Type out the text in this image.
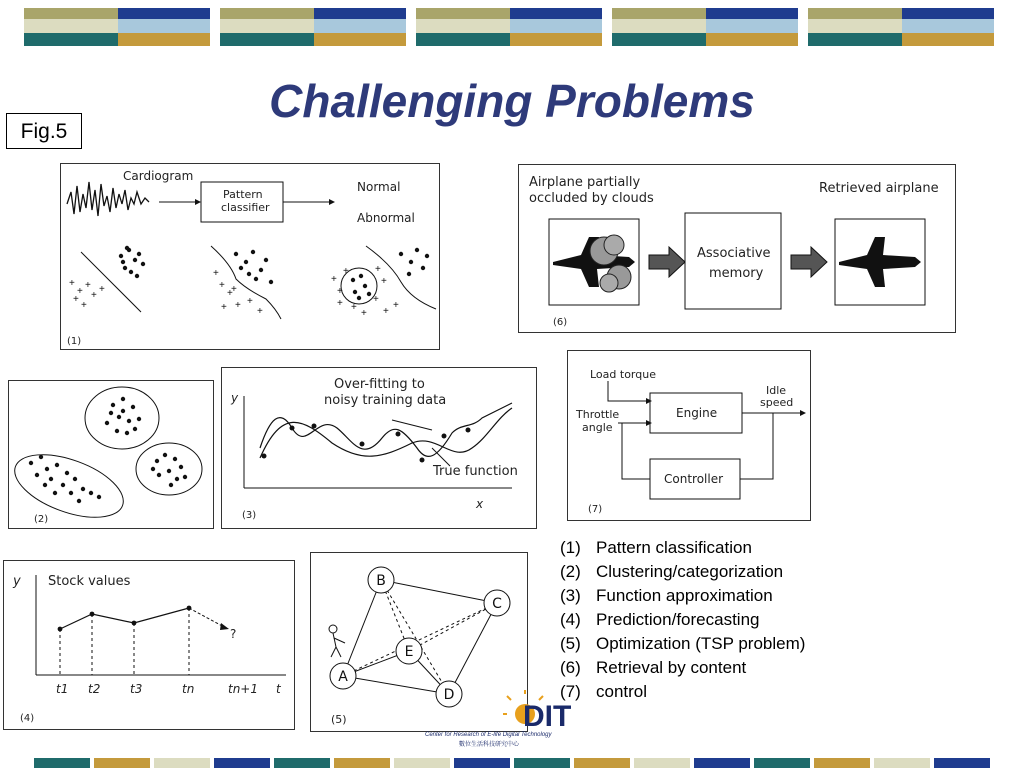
Challenging Problems
Fig.5
Cardiogram
Pattern
classifier
Normal
Abnormal
+
+
+
+ +
+
+
+
+
+
+ +
+
+
+
+
+
+	+
+
+
+
+ +
+
+
(1)
Airplane partially
occluded by clouds
Retrieved airplane
Associative
memory
(6)
(2)
y
x
Over-fitting to
noisy training data
True function
(3)
Load torque
Throttle
angle
Engine
Idle
speed
Controller
(7)
y Stock values
?
t1 t2 t3	tn	tn+1 t
(4)
A
B
C
D
E
(5)
(1) Pattern classification
(2) Clustering/categorization
(3) Function approximation
(4) Prediction/forecasting
(5) Optimization (TSP problem)
(6) Retrieval by content
(7) control
DIT
Center for Research of E-life Digital Technology
數位生活科技研究中心
